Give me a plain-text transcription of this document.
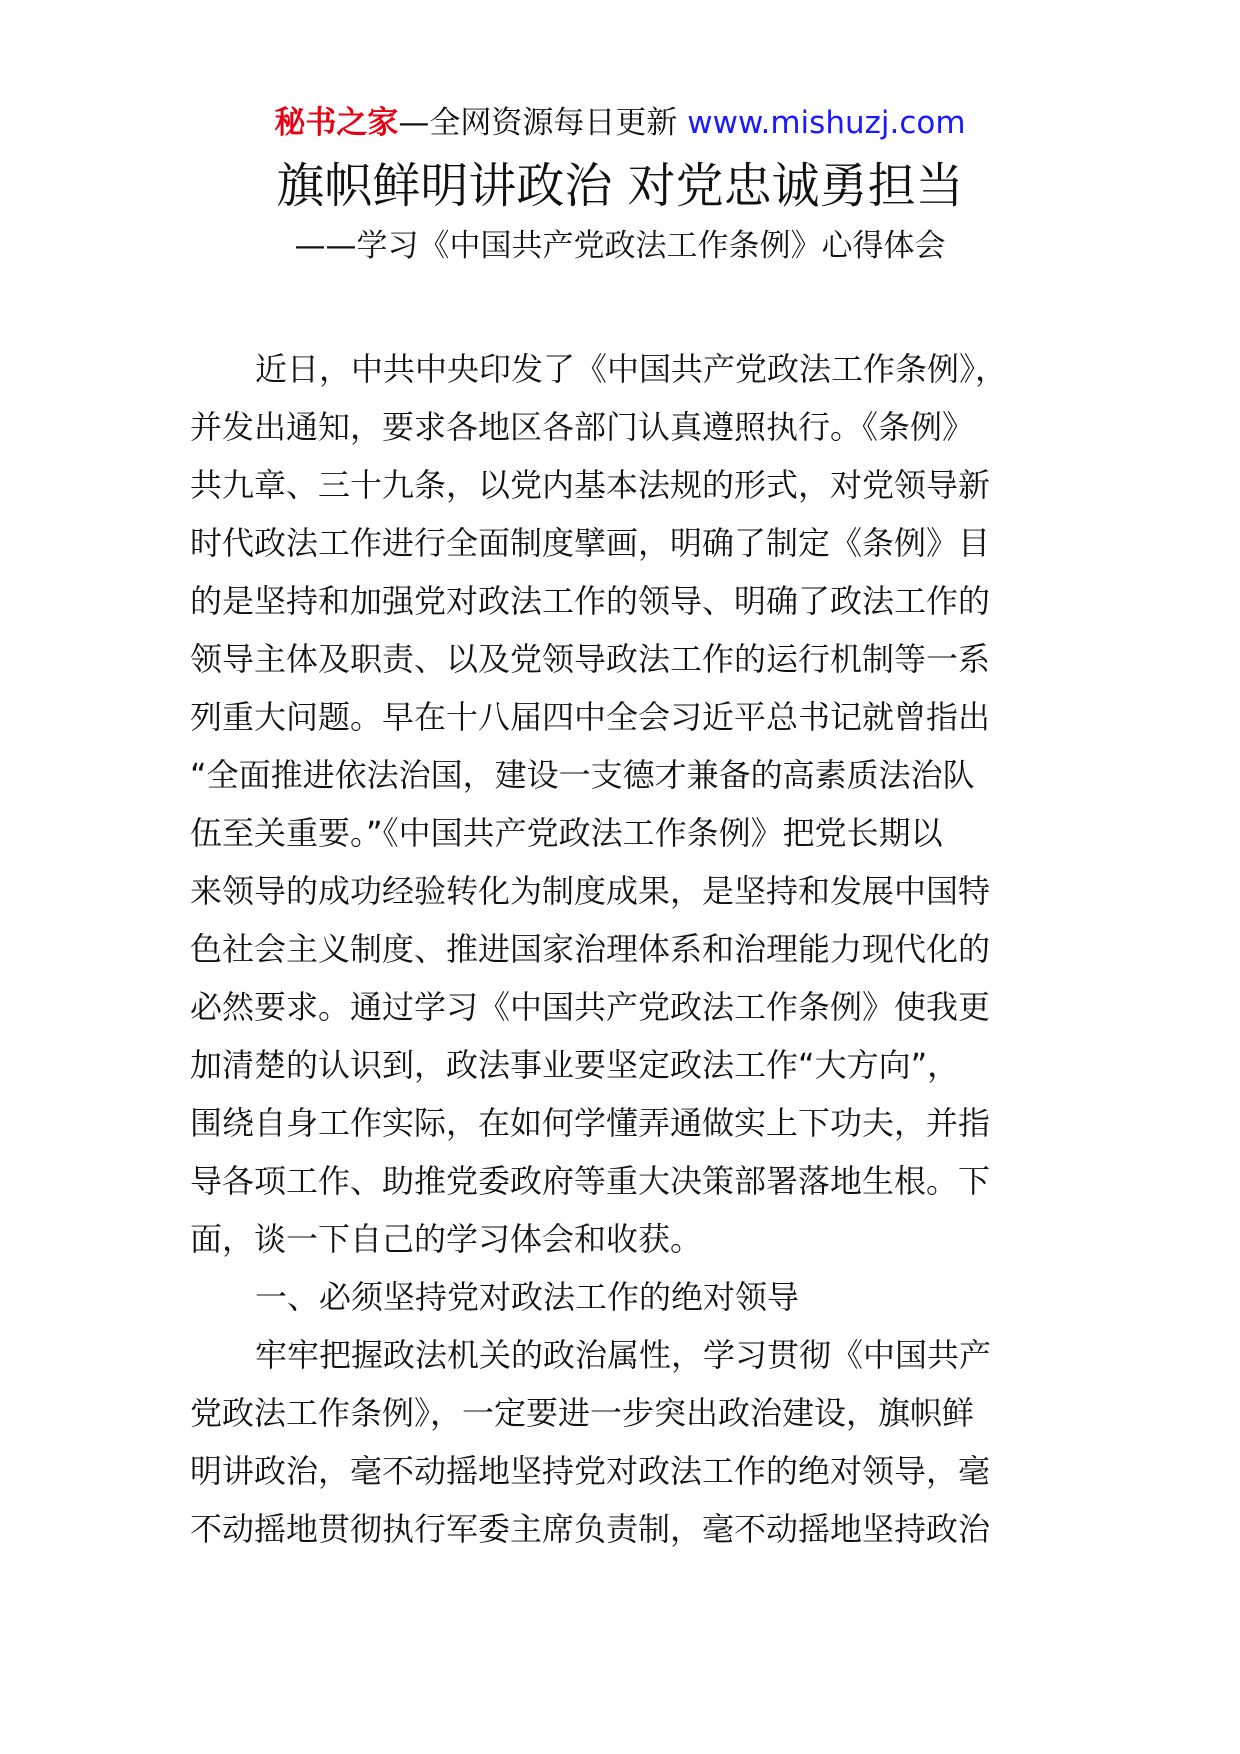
秘书之家—全网资源每日更新 www.mishuzj.com
旗帜鲜明讲政治 对党忠诚勇担当
——学习《中国共产党政法工作条例》心得体会
近日，中共中央印发了《中国共产党政法工作条例》，
并发出通知，要求各地区各部门认真遵照执行。《条例》
共九章、三十九条，以党内基本法规的形式，对党领导新
时代政法工作进行全面制度擘画，明确了制定《条例》目
的是坚持和加强党对政法工作的领导、明确了政法工作的
领导主体及职责、以及党领导政法工作的运行机制等一系
列重大问题。早在十八届四中全会习近平总书记就曾指出
“全面推进依法治国，建设一支德才兼备的高素质法治队
伍至关重要。”《中国共产党政法工作条例》把党长期以
来领导的成功经验转化为制度成果，是坚持和发展中国特
色社会主义制度、推进国家治理体系和治理能力现代化的
必然要求。通过学习《中国共产党政法工作条例》使我更
加清楚的认识到，政法事业要坚定政法工作“大方向”，
围绕自身工作实际，在如何学懂弄通做实上下功夫，并指
导各项工作、助推党委政府等重大决策部署落地生根。下
面，谈一下自己的学习体会和收获。
一、必须坚持党对政法工作的绝对领导
牢牢把握政法机关的政治属性，学习贯彻《中国共产
党政法工作条例》，一定要进一步突出政治建设，旗帜鲜
明讲政治，毫不动摇地坚持党对政法工作的绝对领导，毫
不动摇地贯彻执行军委主席负责制，毫不动摇地坚持政治
